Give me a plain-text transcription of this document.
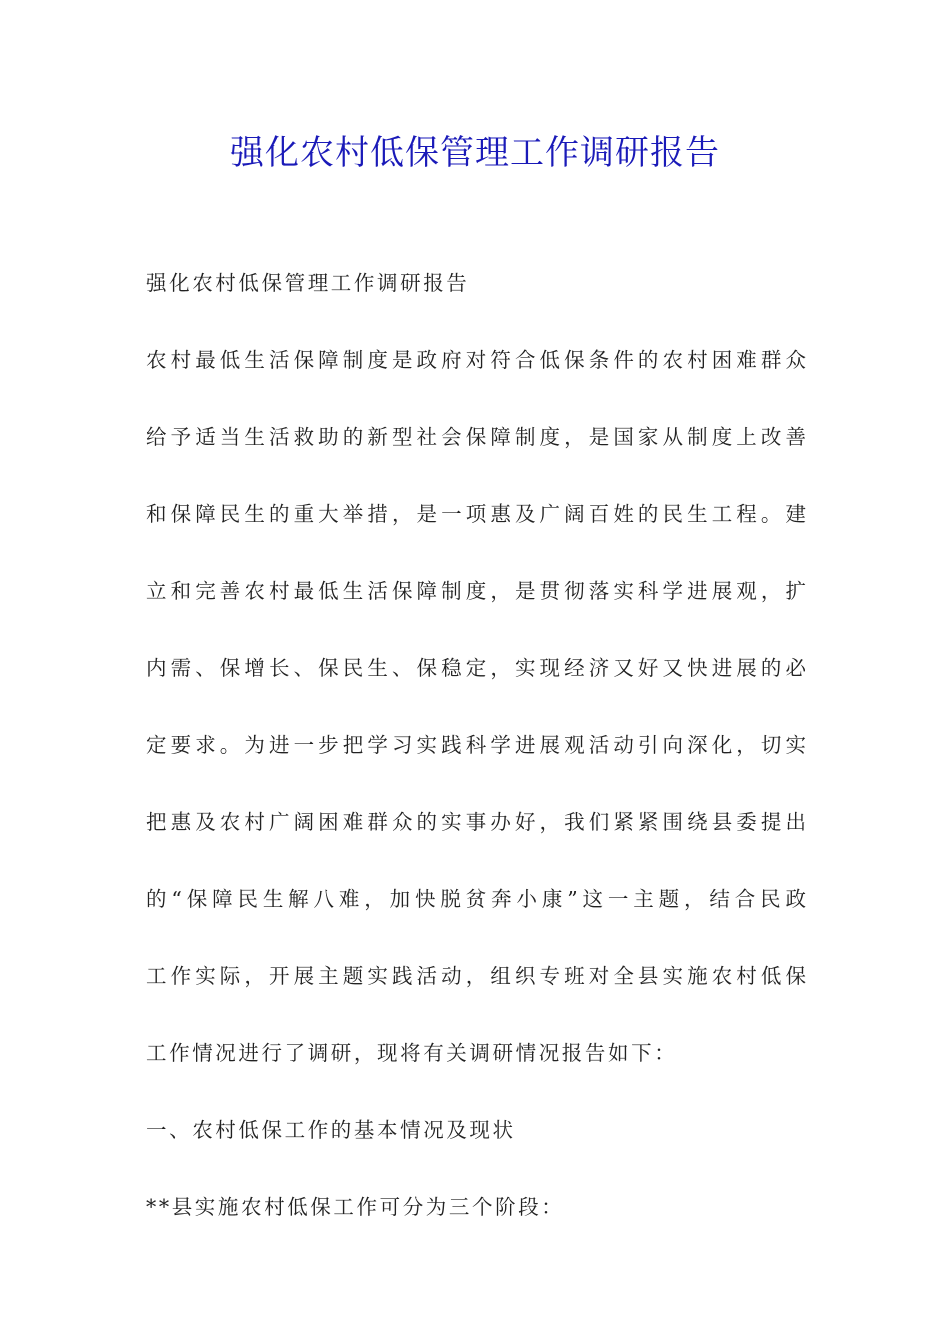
强化农村低保管理工作调研报告

强化农村低保管理工作调研报告

农村最低生活保障制度是政府对符合低保条件的农村困难群众

给予适当生活救助的新型社会保障制度，是国家从制度上改善

和保障民生的重大举措，是一项惠及广阔百姓的民生工程。建

立和完善农村最低生活保障制度，是贯彻落实科学进展观，扩

内需、保增长、保民生、保稳定，实现经济又好又快进展的必

定要求。为进一步把学习实践科学进展观活动引向深化，切实

把惠及农村广阔困难群众的实事办好，我们紧紧围绕县委提出

的“保障民生解八难，加快脱贫奔小康”这一主题，结合民政

工作实际，开展主题实践活动，组织专班对全县实施农村低保

工作情况进行了调研，现将有关调研情况报告如下：

一、农村低保工作的基本情况及现状

**县实施农村低保工作可分为三个阶段：
